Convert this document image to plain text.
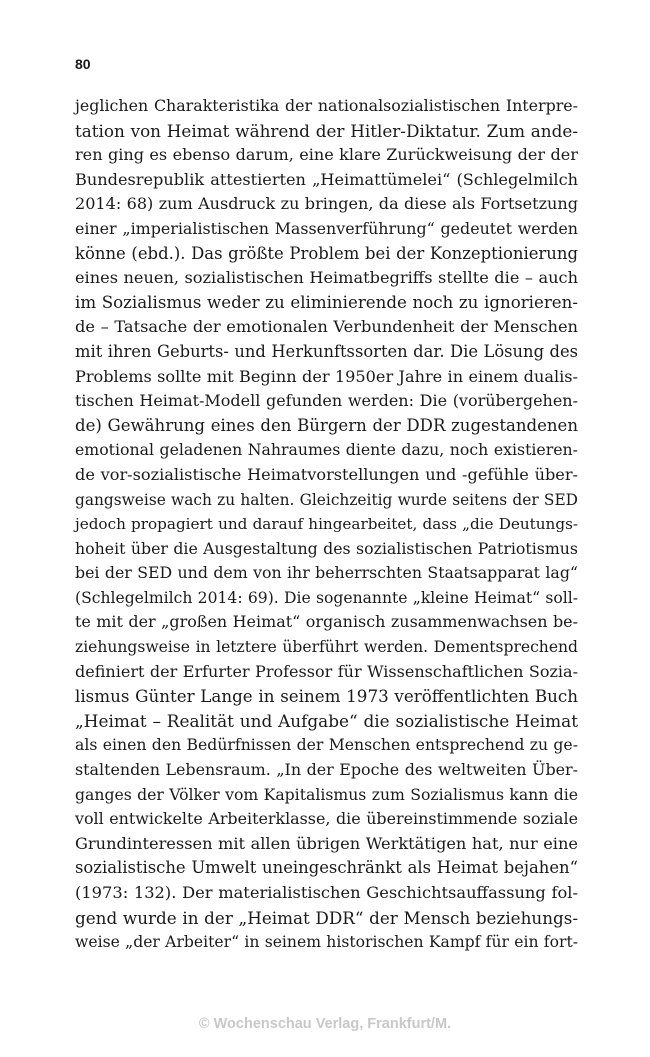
80
jeglichen Charakteristika der nationalsozialistischen Interpre-
tation von Heimat während der Hitler-Diktatur. Zum ande-
ren ging es ebenso darum, eine klare Zurückweisung der der
Bundesrepublik attestierten „Heimattümelei“ (Schlegelmilch
2014: 68) zum Ausdruck zu bringen, da diese als Fortsetzung
einer „imperialistischen Massenverführung“ gedeutet werden
könne (ebd.). Das größte Problem bei der Konzeptionierung
eines neuen, sozialistischen Heimatbegriffs stellte die – auch
im Sozialismus weder zu eliminierende noch zu ignorieren-
de – Tatsache der emotionalen Verbundenheit der Menschen
mit ihren Geburts- und Herkunftssorten dar. Die Lösung des
Problems sollte mit Beginn der 1950er Jahre in einem dualis-
tischen Heimat-Modell gefunden werden: Die (vorübergehen-
de) Gewährung eines den Bürgern der DDR zugestandenen
emotional geladenen Nahraumes diente dazu, noch existieren-
de vor-sozialistische Heimatvorstellungen und -gefühle über-
gangsweise wach zu halten. Gleichzeitig wurde seitens der SED
jedoch propagiert und darauf hingearbeitet, dass „die Deutungs-
hoheit über die Ausgestaltung des sozialistischen Patriotismus
bei der SED und dem von ihr beherrschten Staatsapparat lag“
(Schlegelmilch 2014: 69). Die sogenannte „kleine Heimat“ soll-
te mit der „großen Heimat“ organisch zusammenwachsen be-
ziehungsweise in letztere überführt werden. Dementsprechend
definiert der Erfurter Professor für Wissenschaftlichen Sozia-
lismus Günter Lange in seinem 1973 veröffentlichten Buch
„Heimat – Realität und Aufgabe“ die sozialistische Heimat
als einen den Bedürfnissen der Menschen entsprechend zu ge-
staltenden Lebensraum. „In der Epoche des weltweiten Über-
ganges der Völker vom Kapitalismus zum Sozialismus kann die
voll entwickelte Arbeiterklasse, die übereinstimmende soziale
Grundinteressen mit allen übrigen Werktätigen hat, nur eine
sozialistische Umwelt uneingeschränkt als Heimat bejahen“
(1973: 132). Der materialistischen Geschichtsauffassung fol-
gend wurde in der „Heimat DDR“ der Mensch beziehungs-
weise „der Arbeiter“ in seinem historischen Kampf für ein fort-
© Wochenschau Verlag, Frankfurt/M.
